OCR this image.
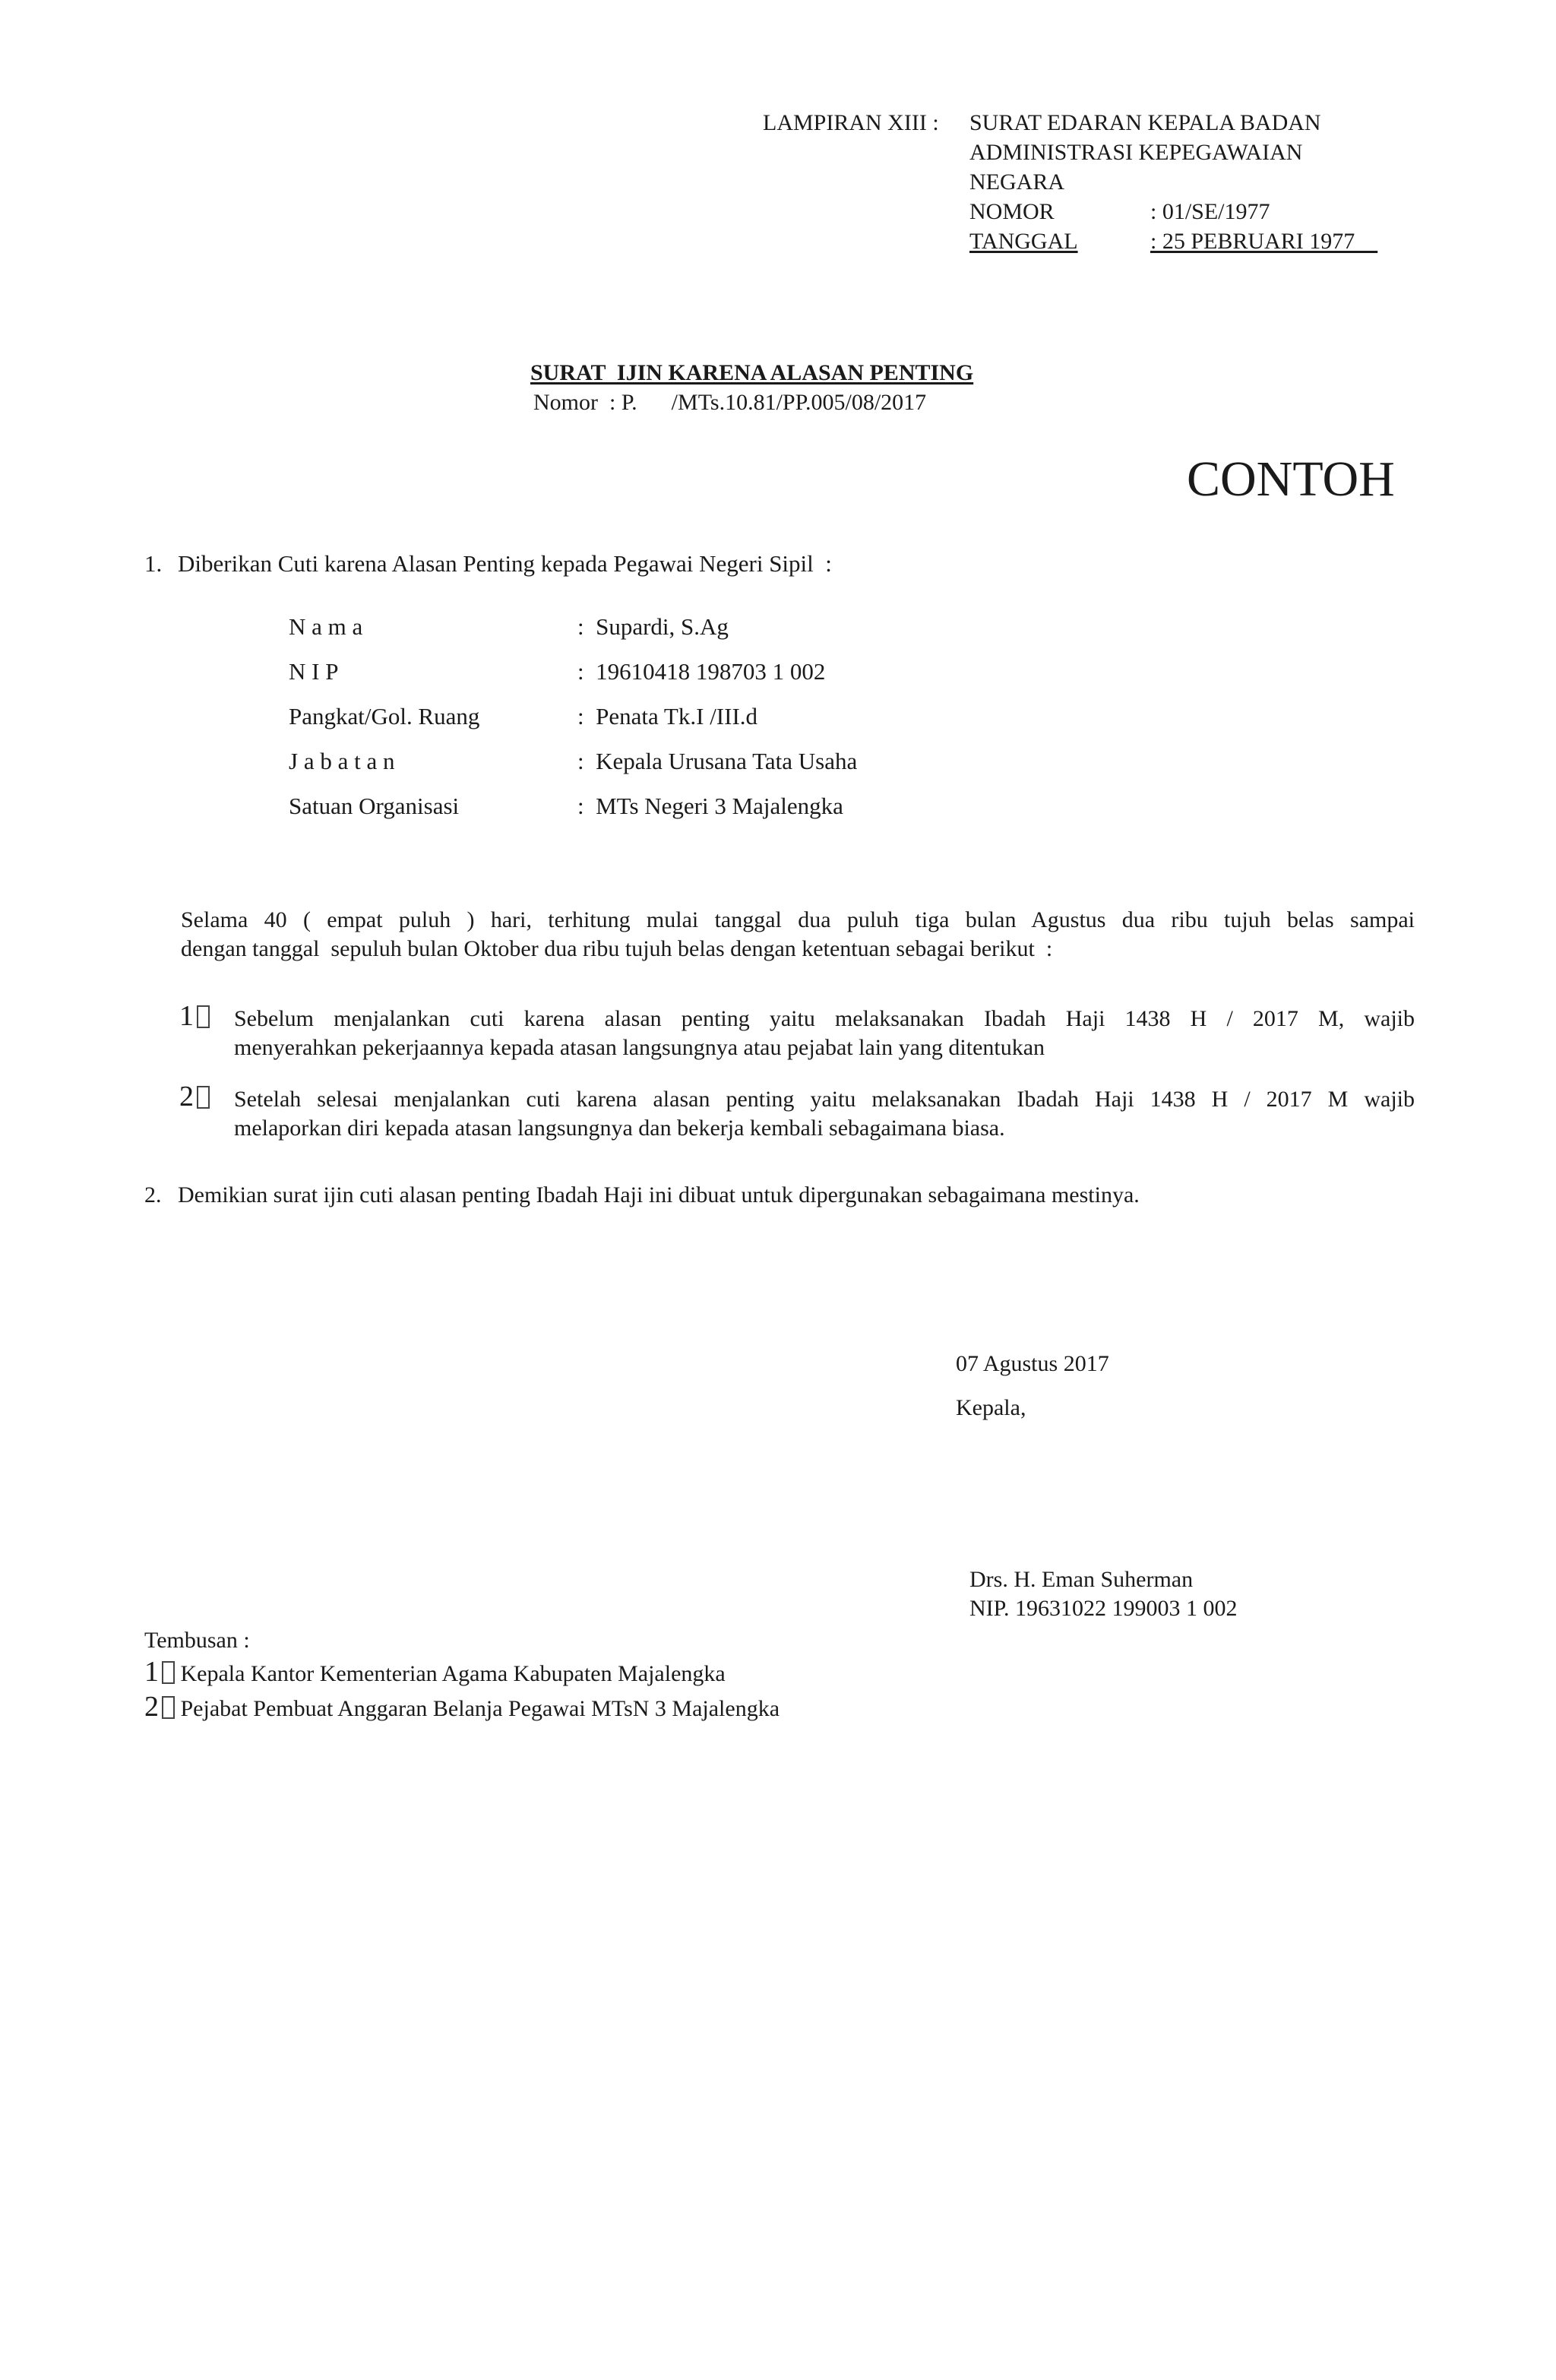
LAMPIRAN XIII : SURAT EDARAN KEPALA BADAN
ADMINISTRASI KEPEGAWAIAN
NEGARA
NOMOR	: 01/SE/1977
TANGGAL	: 25 PEBRUARI 1977
SURAT  IJIN KARENA ALASAN PENTING
Nomor  : P.      /MTs.10.81/PP.005/08/2017
CONTOH
1. Diberikan Cuti karena Alasan Penting kepada Pegawai Negeri Sipil  :
N a m a	:  Supardi, S.Ag
N I P	:  19610418 198703 1 002
Pangkat/Gol. Ruang	:  Penata Tk.I /III.d
J a b a t a n	:  Kepala Urusana Tata Usaha
Satuan Organisasi	:  MTs Negeri 3 Majalengka
Selama 40 ( empat puluh ) hari, terhitung mulai tanggal dua puluh tiga bulan Agustus dua ribu tujuh belas sampai
dengan tanggal  sepuluh bulan Oktober dua ribu tujuh belas dengan ketentuan sebagai berikut  :
1	Sebelum menjalankan cuti karena alasan penting yaitu melaksanakan Ibadah Haji 1438 H / 2017 M, wajib
menyerahkan pekerjaannya kepada atasan langsungnya atau pejabat lain yang ditentukan
2	Setelah selesai menjalankan cuti karena alasan penting yaitu melaksanakan Ibadah Haji 1438 H / 2017 M wajib
melaporkan diri kepada atasan langsungnya dan bekerja kembali sebagaimana biasa.
2. Demikian surat ijin cuti alasan penting Ibadah Haji ini dibuat untuk dipergunakan sebagaimana mestinya.
07 Agustus 2017
Kepala,
Drs. H. Eman Suherman
NIP. 19631022 199003 1 002
Tembusan :
1 Kepala Kantor Kementerian Agama Kabupaten Majalengka
2 Pejabat Pembuat Anggaran Belanja Pegawai MTsN 3 Majalengka
